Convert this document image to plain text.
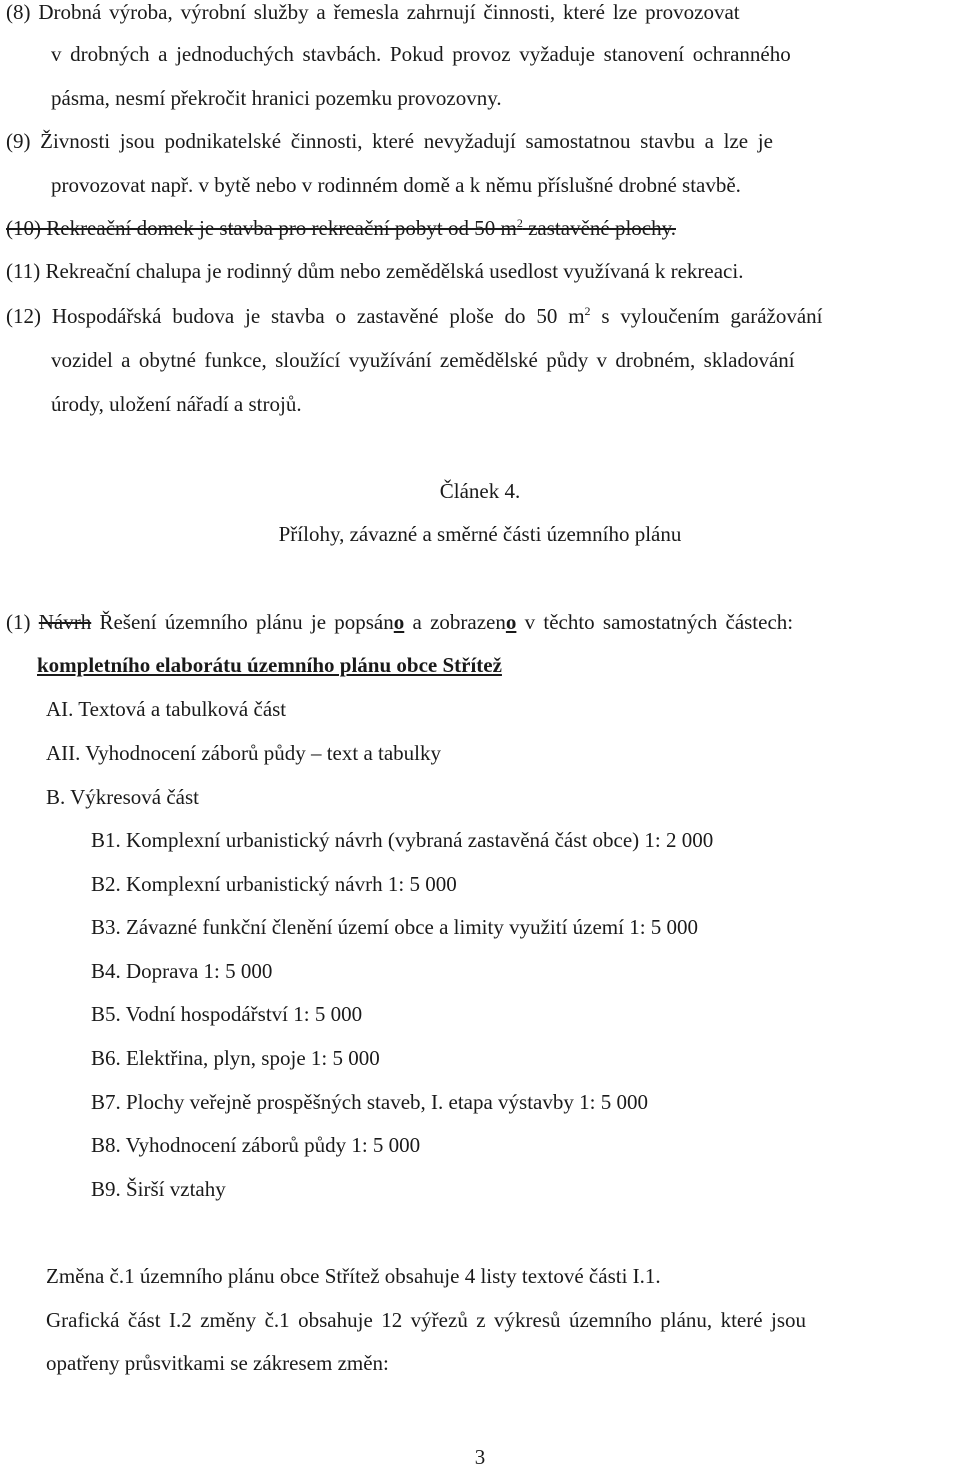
(8) Drobná výroba, výrobní služby a řemesla zahrnují činnosti, které lze provozovat
v drobných a jednoduchých stavbách. Pokud provoz vyžaduje stanovení ochranného
pásma, nesmí překročit hranici pozemku provozovny.
(9) Živnosti jsou podnikatelské činnosti, které nevyžadují samostatnou stavbu a lze je
provozovat např. v bytě nebo v rodinném domě a k němu příslušné drobné stavbě.
(10) Rekreační domek je stavba pro rekreační pobyt od 50 $m^2$ zastavěné plochy.
(11) Rekreační chalupa je rodinný dům nebo zemědělská usedlost využívaná k rekreaci.
(12) Hospodářská budova je stavba o zastavěné ploše do 50 $m^2$ s vyloučením garážování
vozidel a obytné funkce, sloužící využívání zemědělské půdy v drobném, skladování
úrody, uložení nářadí a strojů.
Článek 4.
Přílohy, závazné a směrné části územního plánu
(1) Návrh Řešení územního plánu je popsáno a zobrazeno v těchto samostatných částech:
kompletního elaborátu územního plánu obce Střítež
AI. Textová a tabulková část
AII. Vyhodnocení záborů půdy – text a tabulky
B. Výkresová část
B1. Komplexní urbanistický návrh (vybraná zastavěná část obce) 1: 2 000
B2. Komplexní urbanistický návrh 1: 5 000
B3. Závazné funkční členění území obce a limity využití území 1: 5 000
B4. Doprava 1: 5 000
B5. Vodní hospodářství 1: 5 000
B6. Elektřina, plyn, spoje 1: 5 000
B7. Plochy veřejně prospěšných staveb, I. etapa výstavby 1: 5 000
B8. Vyhodnocení záborů půdy 1: 5 000
B9. Širší vztahy
Změna č.1 územního plánu obce Střítež obsahuje 4 listy textové části I.1.
Grafická část I.2 změny č.1 obsahuje 12 výřezů z výkresů územního plánu, které jsou
opatřeny průsvitkami se zákresem změn:
3
